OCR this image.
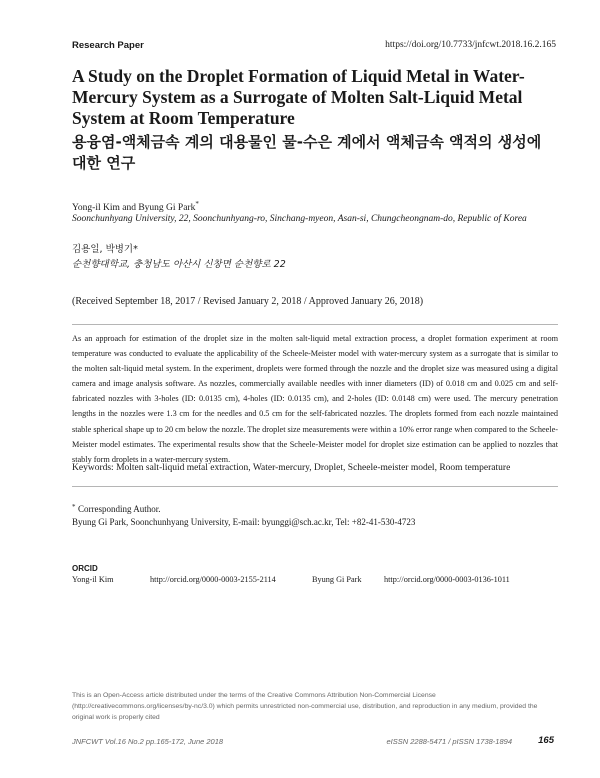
Research Paper	https://doi.org/10.7733/jnfcwt.2018.16.2.165
A Study on the Droplet Formation of Liquid Metal in Water-Mercury System as a Surrogate of Molten Salt-Liquid Metal System at Room Temperature
용융염-액체금속 계의 대용물인 물-수은 계에서 액체금속 액적의 생성에 대한 연구
Yong-il Kim and Byung Gi Park*
Soonchunhyang University, 22, Soonchunhyang-ro, Sinchang-myeon, Asan-si, Chungcheongnam-do, Republic of Korea
김용일, 박병기*
순천향대학교, 충청남도 아산시 신창면 순천향로 22
(Received September 18, 2017 / Revised January 2, 2018 / Approved January 26, 2018)
As an approach for estimation of the droplet size in the molten salt-liquid metal extraction process, a droplet formation experiment at room temperature was conducted to evaluate the applicability of the Scheele-Meister model with water-mercury system as a surrogate that is similar to the molten salt-liquid metal system. In the experiment, droplets were formed through the nozzle and the droplet size was measured using a digital camera and image analysis software. As nozzles, commercially available needles with inner diameters (ID) of 0.018 cm and 0.025 cm and self-fabricated nozzles with 3-holes (ID: 0.0135 cm), 4-holes (ID: 0.0135 cm), and 2-holes (ID: 0.0148 cm) were used. The mercury penetration lengths in the nozzles were 1.3 cm for the needles and 0.5 cm for the self-fabricated nozzles. The droplets formed from each nozzle maintained stable spherical shape up to 20 cm below the nozzle. The droplet size measurements were within a 10% error range when compared to the Scheele-Meister model estimates. The experimental results show that the Scheele-Meister model for droplet size estimation can be applied to nozzles that stably form droplets in a water-mercury system.
Keywords: Molten salt-liquid metal extraction, Water-mercury, Droplet, Scheele-meister model, Room temperature
* Corresponding Author.
Byung Gi Park, Soonchunhyang University, E-mail: byunggi@sch.ac.kr, Tel: +82-41-530-4723
ORCID
Yong-il Kim	http://orcid.org/0000-0003-2155-2114	Byung Gi Park	http://orcid.org/0000-0003-0136-1011
This is an Open-Access article distributed under the terms of the Creative Commons Attribution Non-Commercial License (http://creativecommons.org/licenses/by-nc/3.0) which permits unrestricted non-commercial use, distribution, and reproduction in any medium, provided the original work is properly cited
JNFCWT Vol.16 No.2 pp.165-172, June 2018	eISSN 2288-5471 / pISSN 1738-1894	165
